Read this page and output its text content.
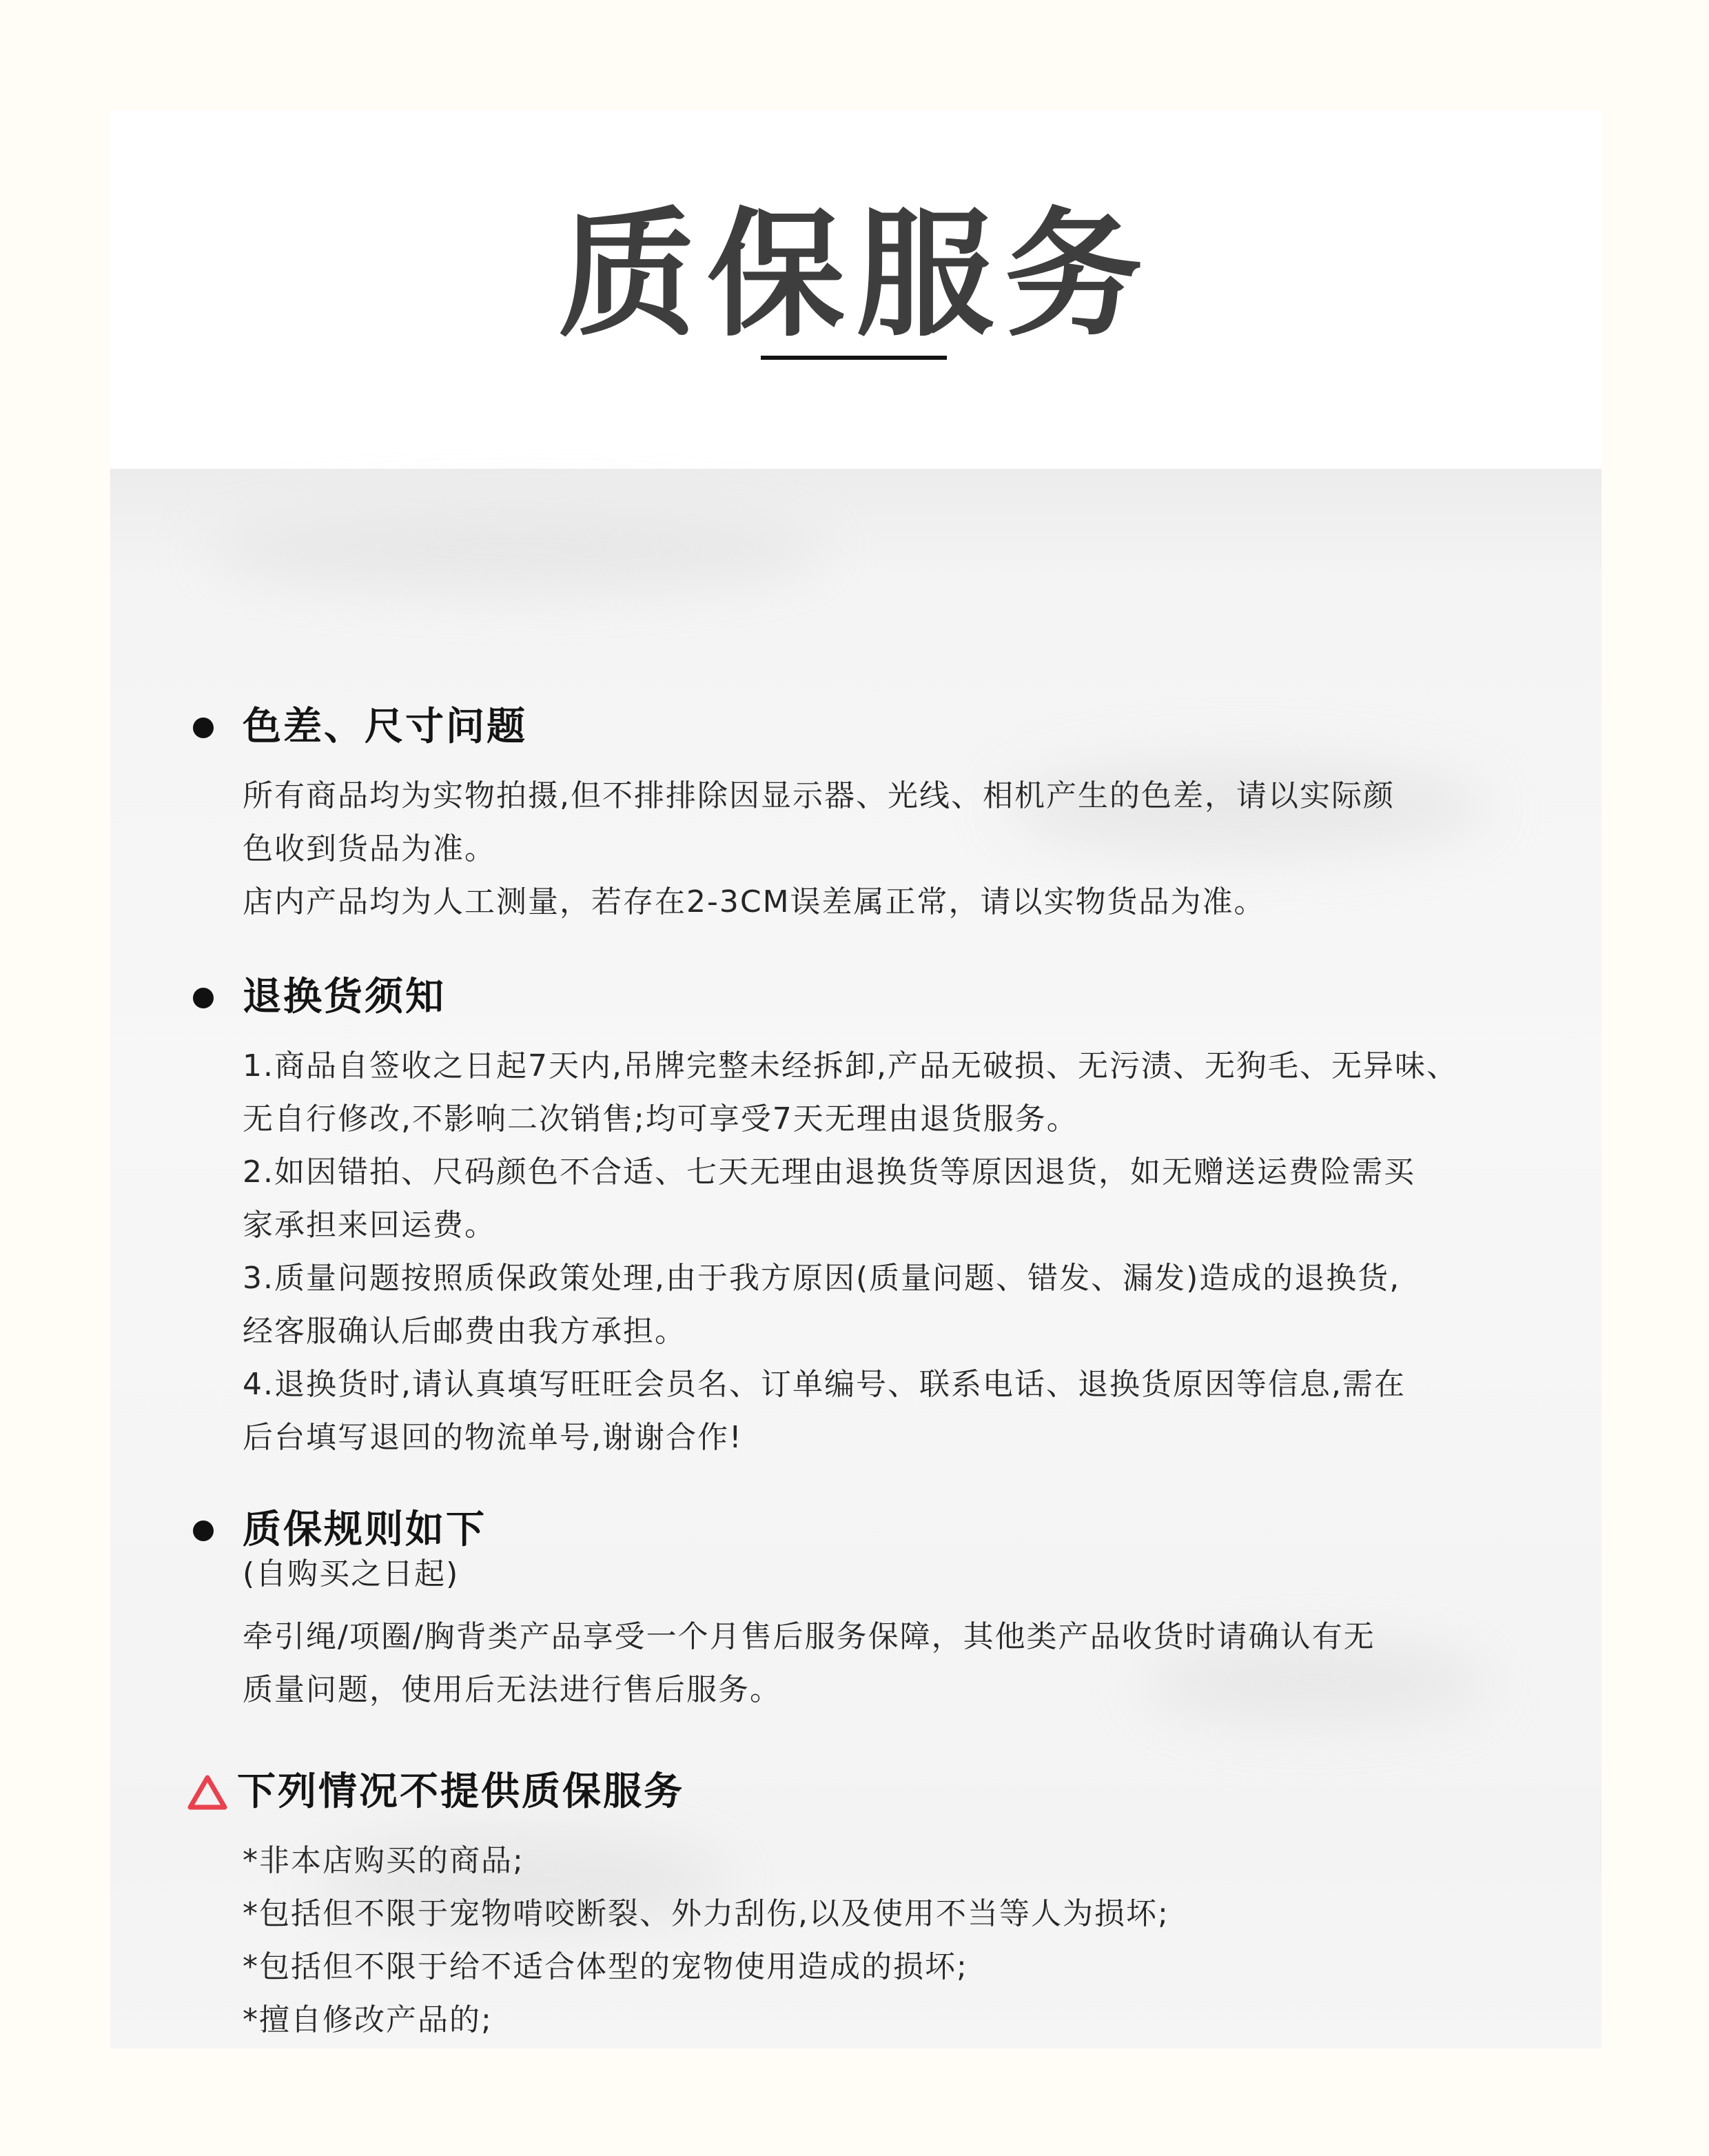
质保服务
色差、尺寸问题

所有商品均为实物拍摄,但不排排除因显示器、光线、相机产生的色差，请以实际颜

色收到货品为准。

店内产品均为人工测量，若存在2-3CM误差属正常，请以实物货品为准。

退换货须知

1.商品自签收之日起7天内,吊牌完整未经拆卸,产品无破损、无污渍、无狗毛、无异味、

无自行修改,不影响二次销售;均可享受7天无理由退货服务。

2.如因错拍、尺码颜色不合适、七天无理由退换货等原因退货，如无赠送运费险需买

家承担来回运费。

3.质量问题按照质保政策处理,由于我方原因(质量问题、错发、漏发)造成的退换货,

经客服确认后邮费由我方承担。

4.退换货时,请认真填写旺旺会员名、订单编号、联系电话、退换货原因等信息,需在

后台填写退回的物流单号,谢谢合作!

质保规则如下
(自购买之日起)

牵引绳/项圈/胸背类产品享受一个月售后服务保障，其他类产品收货时请确认有无

质量问题，使用后无法进行售后服务。

下列情况不提供质保服务

*非本店购买的商品;

*包括但不限于宠物啃咬断裂、外力刮伤,以及使用不当等人为损坏;

*包括但不限于给不适合体型的宠物使用造成的损坏;

*擅自修改产品的;
